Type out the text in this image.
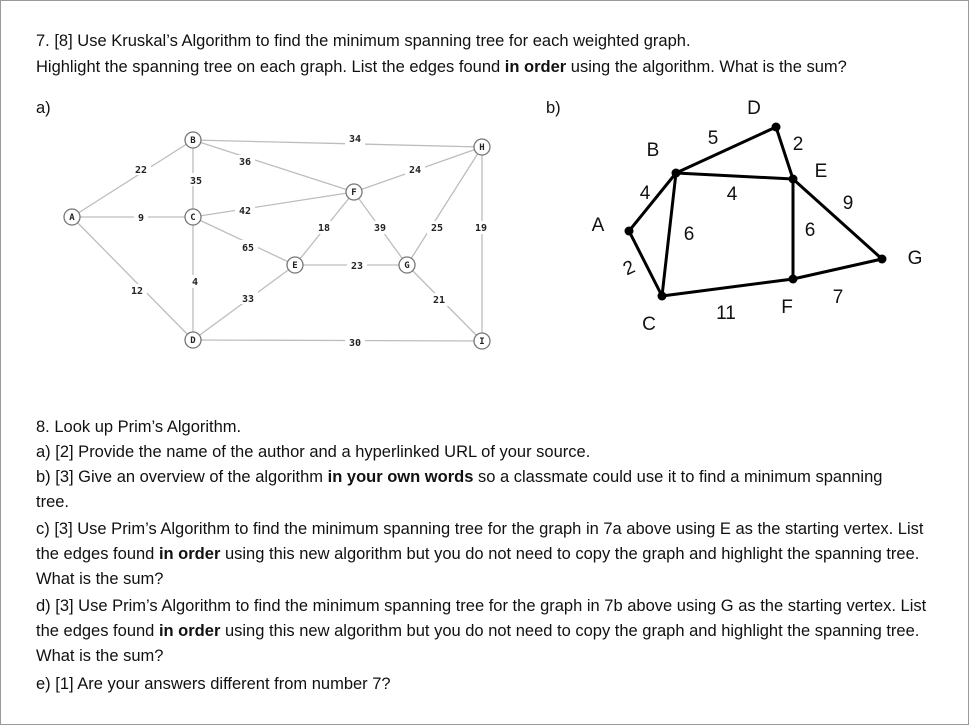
7. [8] Use Kruskal’s Algorithm to find the minimum spanning tree for each weighted graph.
Highlight the spanning tree on each graph. List the edges found in order using the algorithm. What is the sum?
a)	b)
22
9
12
35
36
34
42
65
4
33
30
18
23
39
24
25
21
19
A
B
C
D
E
F
G
H
I
A
B
C
D
E
F
G
4
2
5
4
6
2
6
9
11
7
8. Look up Prim’s Algorithm.
a) [2] Provide the name of the author and a hyperlinked URL of your source.
b) [3] Give an overview of the algorithm in your own words so a classmate could use it to find a minimum spanning tree.
c) [3] Use Prim’s Algorithm to find the minimum spanning tree for the graph in 7a above using E as the starting vertex. List the edges found in order using this new algorithm but you do not need to copy the graph and highlight the spanning tree. What is the sum?
d) [3] Use Prim’s Algorithm to find the minimum spanning tree for the graph in 7b above using G as the starting vertex. List the edges found in order using this new algorithm but you do not need to copy the graph and highlight the spanning tree. What is the sum?
e) [1] Are your answers different from number 7?
